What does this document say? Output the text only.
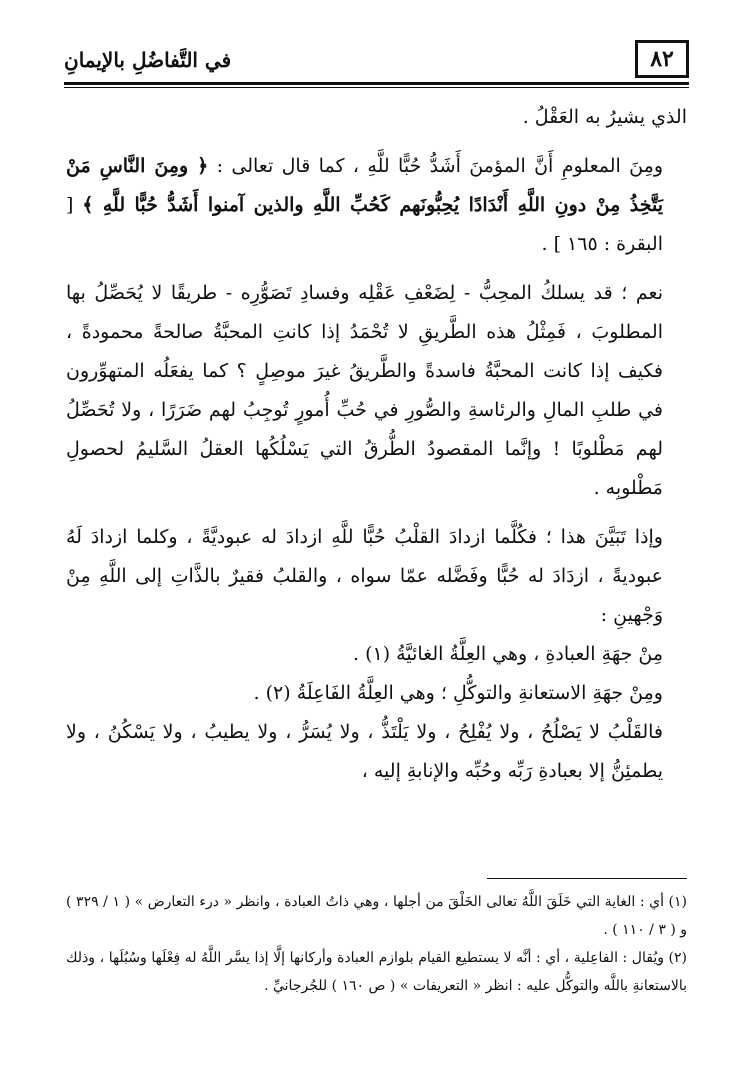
٨٢
في التَّفاضُلِ بالإيمانِ

الذي يشيرُ به العَقْلُ .

ومِنَ المعلومِ أَنَّ المؤمنَ أَشَدُّ حُبًّا للَّهِ ، كما قال تعالى : ﴿ ومِنَ النَّاسِ مَنْ يَتَّخِذُ مِنْ دونِ اللَّهِ أَنْدَادًا يُحِبُّونَهم كَحُبِّ اللَّهِ والذين آمنوا أَشَدُّ حُبًّا للَّهِ ﴾ [ البقرة : ١٦٥ ] .

نعم ؛ قد يسلكُ المحِبُّ - لِضَعْفِ عَقْلِه وفسادِ تَصَوُّرِه - طريقًا لا يُحَصِّلُ بها المطلوبَ ، فَمِثْلُ هذه الطَّريقِ لا تُحْمَدُ إذا كانتِ المحبَّةُ صالحةً محمودةً ، فكيف إذا كانت المحبَّةُ فاسدةً والطَّريقُ غيرَ موصِلٍ ؟ كما يفعَلُه المتهوِّرون في طلبِ المالِ والرئاسةِ والصُّورِ في حُبِّ أُمورٍ تُوجِبُ لهم ضَرَرًا ، ولا تُحَصِّلُ لهم مَطْلوبًا ! وإنَّما المقصودُ الطُّرقُ التي يَسْلُكُها العقلُ السَّليمُ لحصولِ مَطْلوبِه .

وإذا تَبَيَّنَ هذا ؛ فكُلَّما ازدادَ القلْبُ حُبًّا للَّهِ ازدادَ له عبوديَّةً ، وكلما ازدادَ لَهُ عبوديةً ، ازدَادَ له حُبًّا وفَضَّله عمّا سواه ، والقلبُ فقيرٌ بالذَّاتِ إلى اللَّهِ مِنْ وَجْهينِ :

مِنْ جهَةِ العبادةِ ، وهي العِلَّةُ الغائيَّةُ (١) .

ومِنْ جهَةِ الاستعانةِ والتوكُّلِ ؛ وهي العِلَّةُ الفَاعِلَةُ (٢) .

فالقَلْبُ لا يَصْلُحُ ، ولا يُفْلِحُ ، ولا يَلْتَذُّ ، ولا يُسَرُّ ، ولا يطيبُ ، ولا يَسْكُنُ ، ولا يطمئِنُّ إلا بعبادةِ رَبِّه وحُبِّه والإنابةِ إليه ،

(١) أي : الغاية التي خَلَقَ اللَّهُ تعالى الخَلْقَ من أجلها ، وهي ذاتُ العبادة ، وانظر « درء التعارض » ( ١ / ٣٢٩ ) و ( ٣ / ١١٠ ) .

(٢) ويُقال : الفاعِلية ، أي : أنَّه لا يستطيع القيام بلوازم العبادة وأركانها إلَّا إذا يسَّر اللَّهُ له فِعْلَها وسُبُلَها ، وذلك بالاستعانةِ باللَّه والتوكُّل عليه : انظر « التعريفات » ( ص ١٦٠ ) للجُرجانيِّ .
